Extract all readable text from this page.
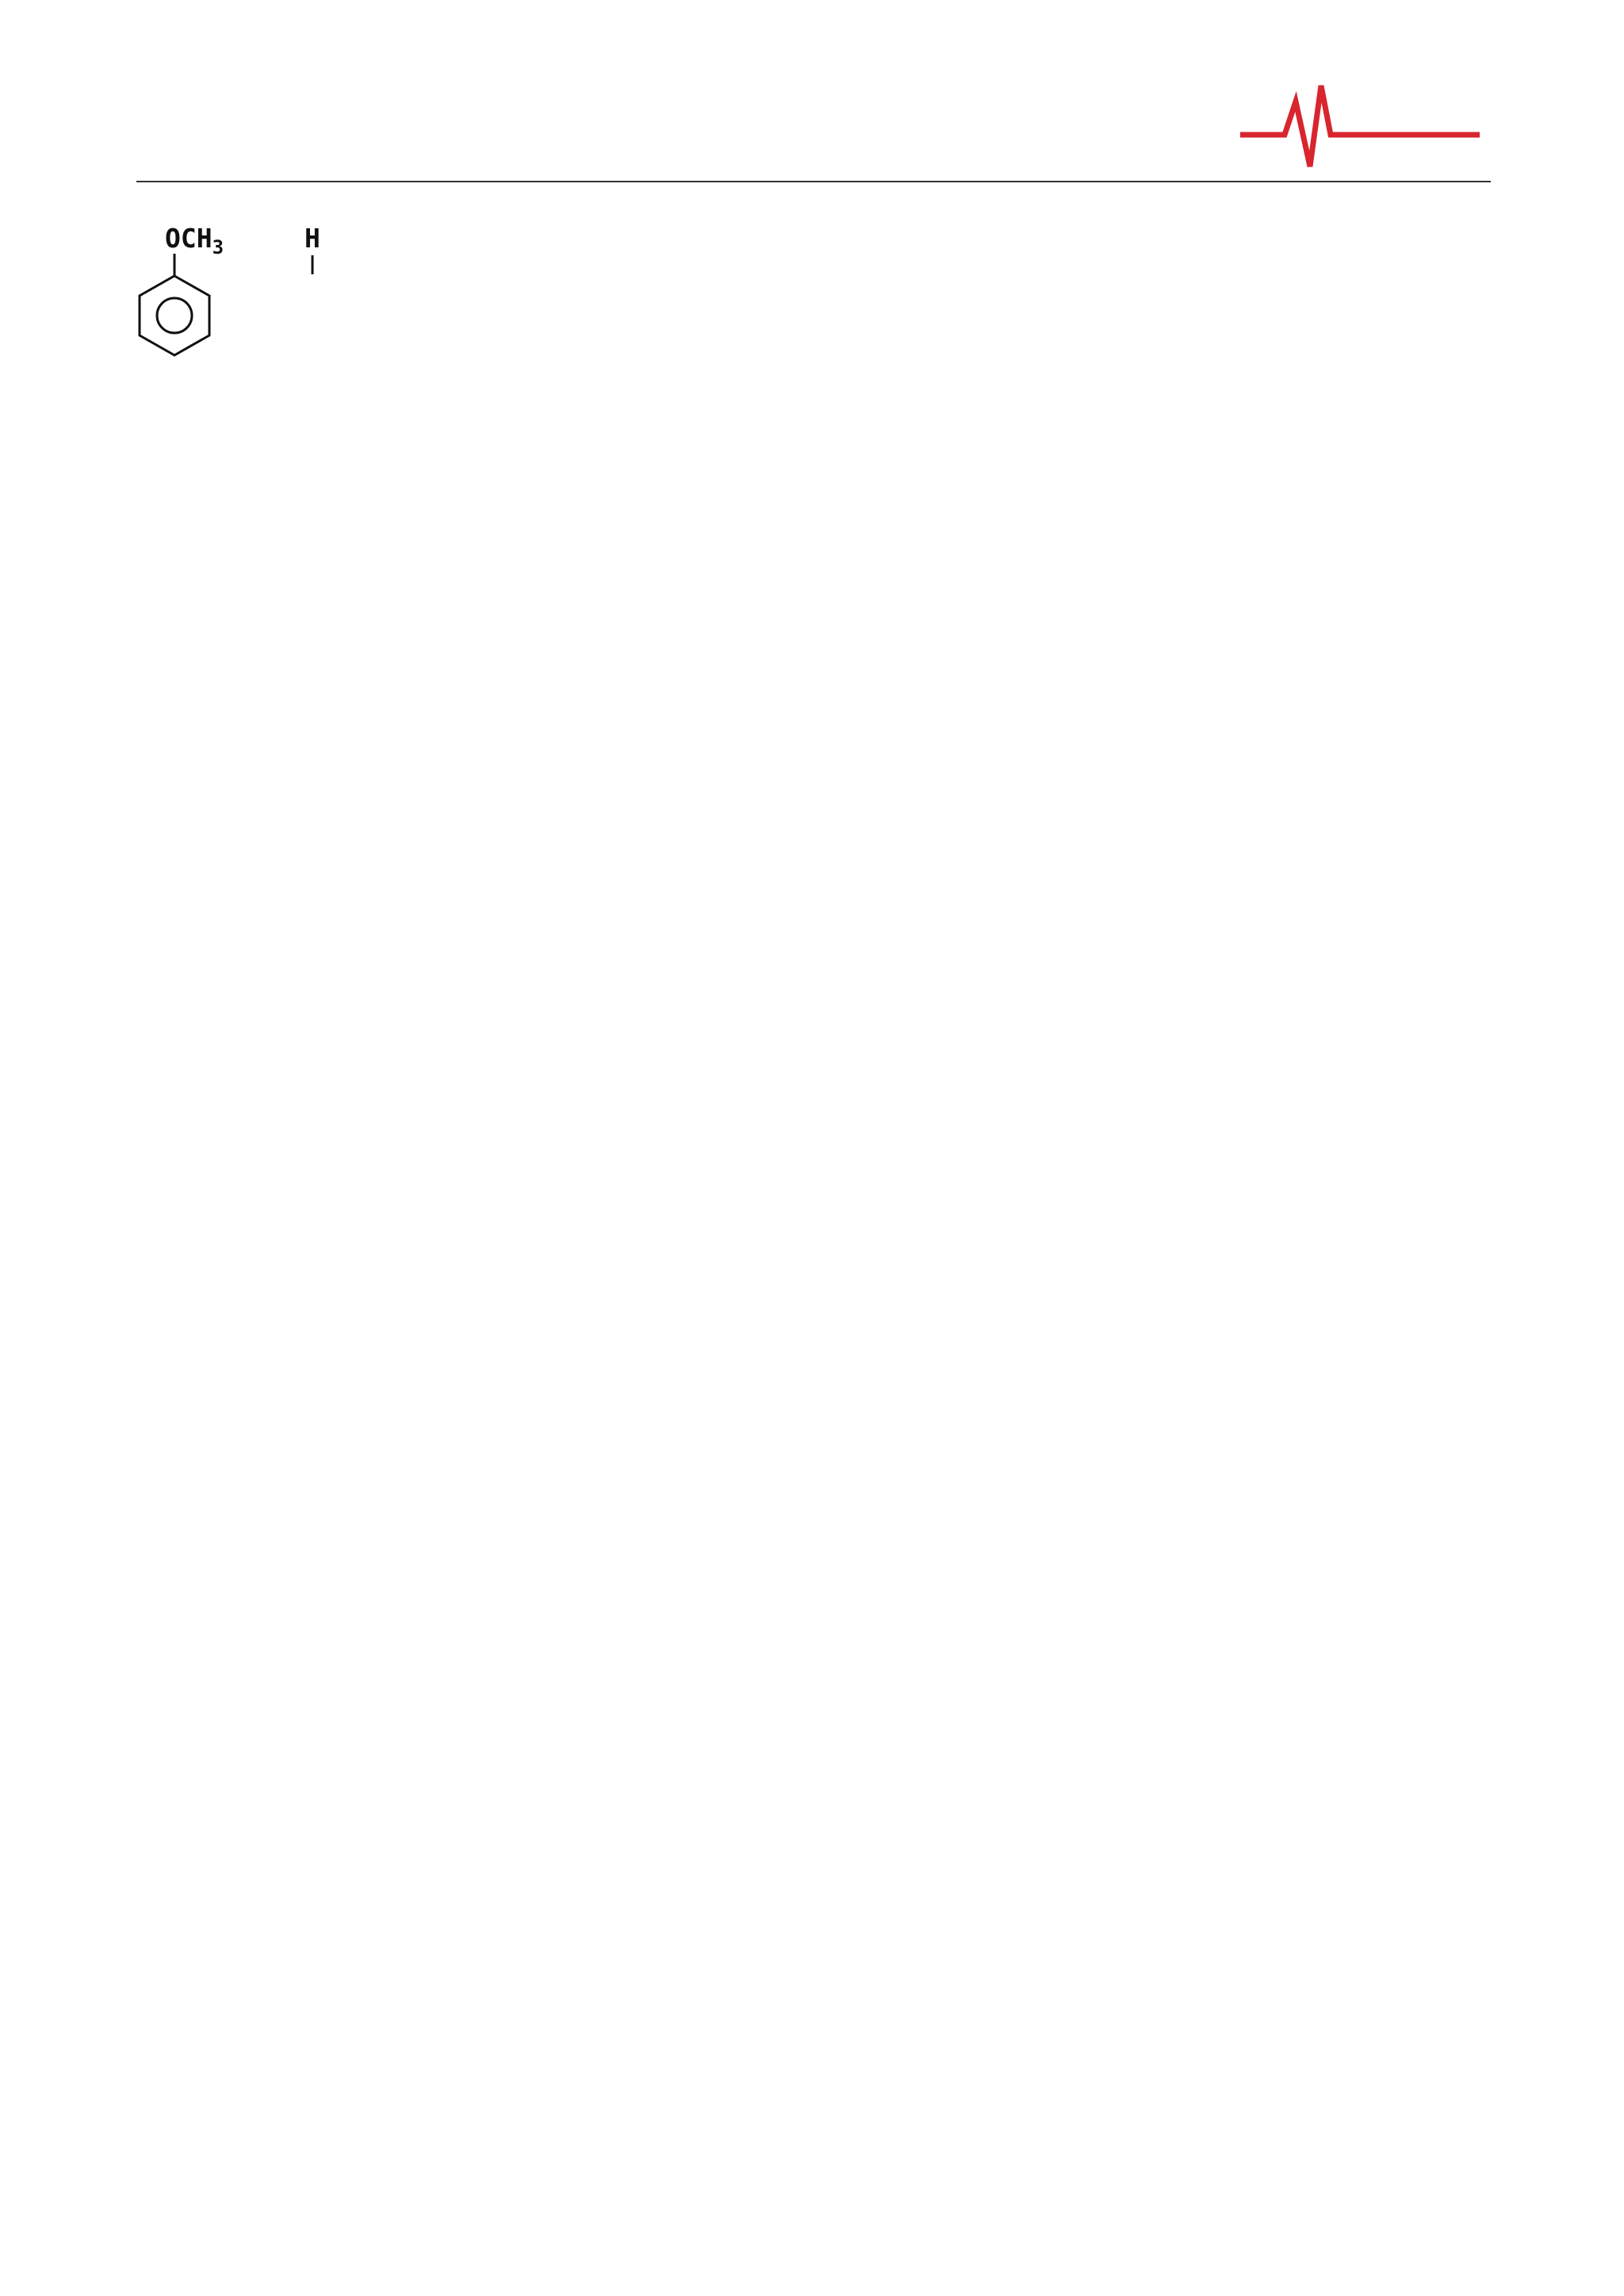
$OCH_3$	H
